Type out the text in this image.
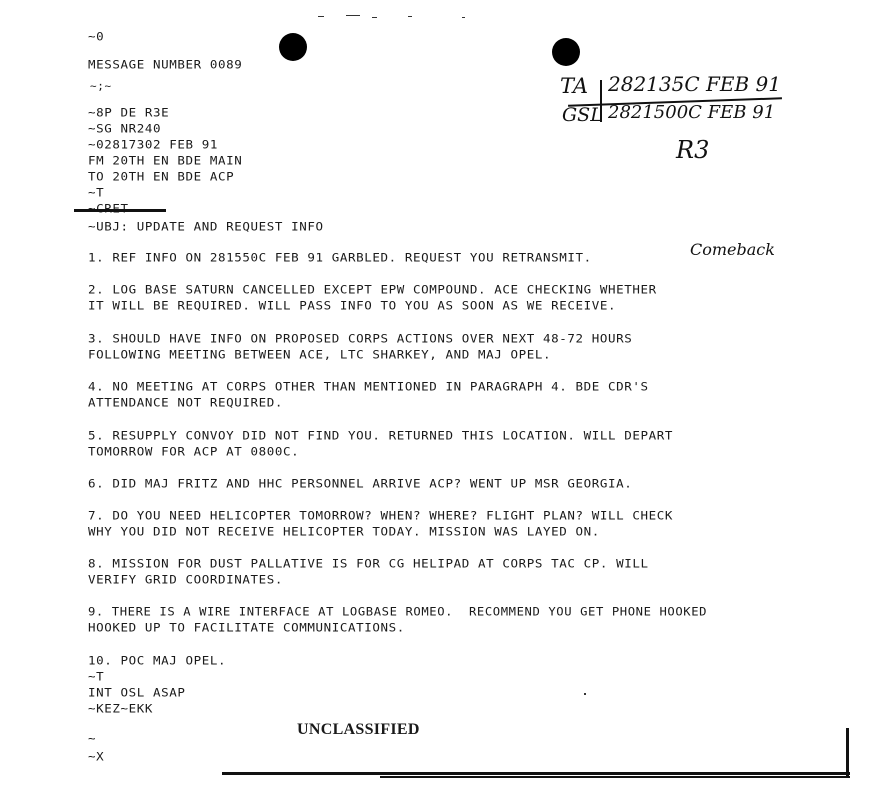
~0
MESSAGE NUMBER 0089
~;~
~8P DE R3E
~SG NR240
~02817302 FEB 91
FM 20TH EN BDE MAIN
TO 20TH EN BDE ACP
~T
~UBJ: UPDATE AND REQUEST INFO
TA 282135C FEB 91
GSL 2821500C FEB 91
R3
Comeback
1. REF INFO ON 281550C FEB 91 GARBLED. REQUEST YOU RETRANSMIT.
2. LOG BASE SATURN CANCELLED EXCEPT EPW COMPOUND. ACE CHECKING WHETHER
IT WILL BE REQUIRED. WILL PASS INFO TO YOU AS SOON AS WE RECEIVE.
3. SHOULD HAVE INFO ON PROPOSED CORPS ACTIONS OVER NEXT 48-72 HOURS
FOLLOWING MEETING BETWEEN ACE, LTC SHARKEY, AND MAJ OPEL.
4. NO MEETING AT CORPS OTHER THAN MENTIONED IN PARAGRAPH 4. BDE CDR'S
ATTENDANCE NOT REQUIRED.
5. RESUPPLY CONVOY DID NOT FIND YOU. RETURNED THIS LOCATION. WILL DEPART
TOMORROW FOR ACP AT 0800C.
6. DID MAJ FRITZ AND HHC PERSONNEL ARRIVE ACP? WENT UP MSR GEORGIA.
7. DO YOU NEED HELICOPTER TOMORROW? WHEN? WHERE? FLIGHT PLAN? WILL CHECK
WHY YOU DID NOT RECEIVE HELICOPTER TODAY. MISSION WAS LAYED ON.
8. MISSION FOR DUST PALLATIVE IS FOR CG HELIPAD AT CORPS TAC CP. WILL
VERIFY GRID COORDINATES.
9. THERE IS A WIRE INTERFACE AT LOGBASE ROMEO.  RECOMMEND YOU GET PHONE HOOKED
HOOKED UP TO FACILITATE COMMUNICATIONS.
10. POC MAJ OPEL.
~T
INT OSL ASAP
~KEZ~EKK
~
~X
UNCLASSIFIED
